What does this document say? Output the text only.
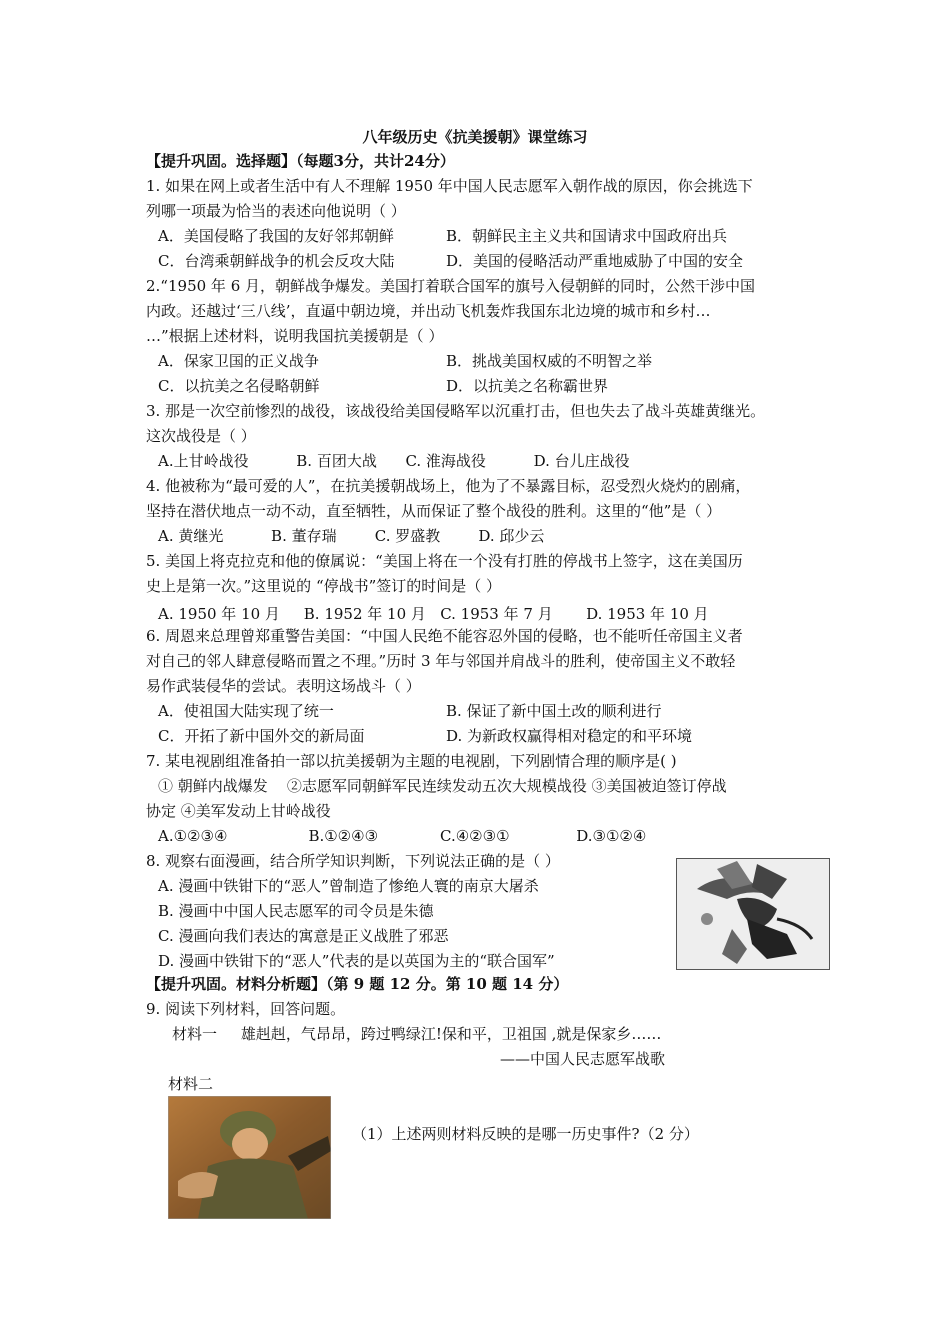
八年级历史《抗美援朝》课堂练习
【提升巩固。选择题】（每题3分，共计24分）
1. 如果在网上或者生活中有人不理解 1950 年中国人民志愿军入朝作战的原因，你会挑选下
列哪一项最为恰当的表述向他说明（ ）
A．美国侵略了我国的友好邻邦朝鲜	B．朝鲜民主主义共和国请求中国政府出兵
C．台湾乘朝鲜战争的机会反攻大陆	D．美国的侵略活动严重地威胁了中国的安全
2.“1950 年 6 月，朝鲜战争爆发。美国打着联合国军的旗号入侵朝鲜的同时，公然干涉中国
内政。还越过‘三八线’，直逼中朝边境，并出动飞机轰炸我国东北边境的城市和乡村…
…”根据上述材料，说明我国抗美援朝是（ ）
A．保家卫国的正义战争	B．挑战美国权威的不明智之举
C．以抗美之名侵略朝鲜	D．以抗美之名称霸世界
3. 那是一次空前惨烈的战役，该战役给美国侵略军以沉重打击，但也失去了战斗英雄黄继光。
这次战役是（ ）
A.上甘岭战役          B. 百团大战      C. 淮海战役          D. 台儿庄战役
4. 他被称为“最可爱的人”，在抗美援朝战场上，他为了不暴露目标，忍受烈火烧灼的剧痛，
坚持在潜伏地点一动不动，直至牺牲，从而保证了整个战役的胜利。这里的“他”是（ ）
A. 黄继光          B. 董存瑞        C. 罗盛教        D. 邱少云
5. 美国上将克拉克和他的僚属说：“美国上将在一个没有打胜的停战书上签字，这在美国历
史上是第一次。”这里说的 “停战书”签订的时间是（ ）
A. 1950 年 10 月     B. 1952 年 10 月   C. 1953 年 7 月       D. 1953 年 10 月
6. 周恩来总理曾郑重警告美国：“中国人民绝不能容忍外国的侵略，也不能听任帝国主义者
对自己的邻人肆意侵略而置之不理。”历时 3 年与邻国并肩战斗的胜利，使帝国主义不敢轻
易作武装侵华的尝试。表明这场战斗（ ）
A．使祖国大陆实现了统一	B. 保证了新中国土改的顺利进行
C．开拓了新中国外交的新局面	D. 为新政权赢得相对稳定的和平环境
7. 某电视剧组准备拍一部以抗美援朝为主题的电视剧，下列剧情合理的顺序是( )
① 朝鲜内战爆发    ②志愿军同朝鲜军民连续发动五次大规模战役 ③美国被迫签订停战
协定 ④美军发动上甘岭战役
A.①②③④                 B.①②④③             C.④②③①              D.③①②④
8. 观察右面漫画，结合所学知识判断，下列说法正确的是（ ）
A. 漫画中铁钳下的“恶人”曾制造了惨绝人寰的南京大屠杀
B. 漫画中中国人民志愿军的司令员是朱德
C. 漫画向我们表达的寓意是正义战胜了邪恶
D. 漫画中铁钳下的“恶人”代表的是以英国为主的“联合国军”
【提升巩固。材料分析题】（第 9 题 12 分。第 10 题 14 分）
9. 阅读下列材料，回答问题。
材料一     雄赳赳，气昂昂，跨过鸭绿江!保和平，卫祖国 ,就是保家乡……
——中国人民志愿军战歌
材料二
（1）上述两则材料反映的是哪一历史事件?（2 分）
